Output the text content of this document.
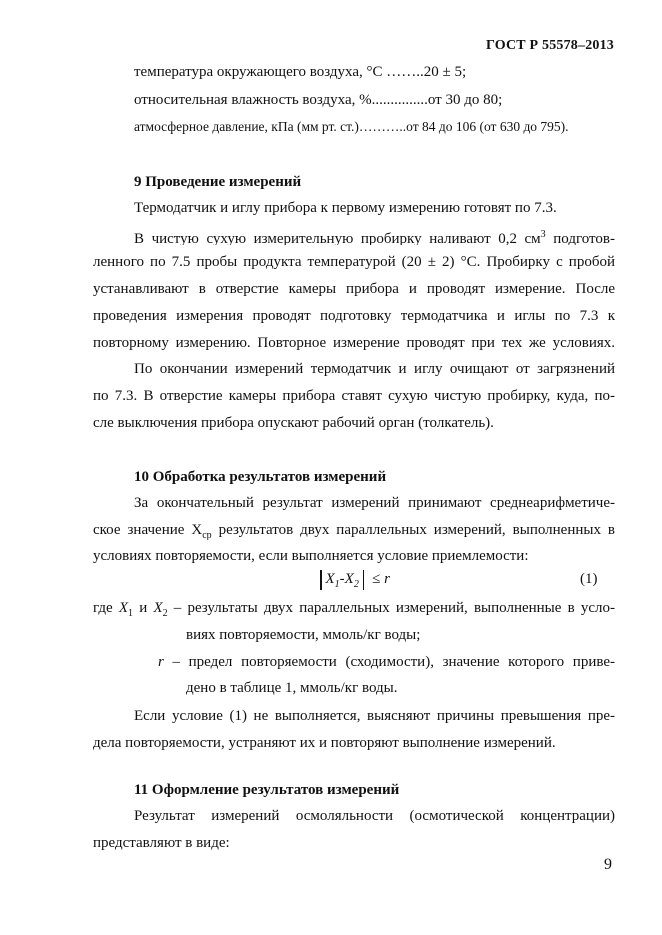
ГОСТ Р 55578–2013
температура окружающего воздуха, °С ……..20 ± 5;
относительная влажность воздуха, %...............от 30 до 80;
атмосферное давление, кПа (мм рт. ст.)………..от 84 до 106 (от 630 до 795).
9 Проведение измерений
Термодатчик и иглу прибора к первому измерению готовят по 7.3.
В чистую сухую измерительную пробирку наливают 0,2 $см^3$ подготов-
ленного по 7.5 пробы продукта температурой (20 ± 2) °С. Пробирку с пробой
устанавливают в отверстие камеры прибора и проводят измерение. После
проведения измерения проводят подготовку термодатчика и иглы по 7.3 к
повторному измерению. Повторное измерение проводят при тех же условиях.
По окончании измерений термодатчик и иглу очищают от загрязнений
по 7.3. В отверстие камеры прибора ставят сухую чистую пробирку, куда, по-
сле выключения прибора опускают рабочий орган (толкатель).
10 Обработка результатов измерений
За окончательный результат измерений принимают среднеарифметиче-
ское значение $Х_{ср}$ результатов двух параллельных измерений, выполненных в
условиях повторяемости, если выполняется условие приемлемости:
$X_1-X_2 \le r$	(1)
где $X_1$ и $X_2$ – результаты двух параллельных измерений, выполненные в усло-
виях повторяемости, ммоль/кг воды;
r – предел повторяемости (сходимости), значение которого приве-
дено в таблице 1, ммоль/кг воды.
Если условие (1) не выполняется, выясняют причины превышения пре-
дела повторяемости, устраняют их и повторяют выполнение измерений.
11 Оформление результатов измерений
Результат измерений осмоляльности (осмотической концентрации)
представляют в виде:
9
